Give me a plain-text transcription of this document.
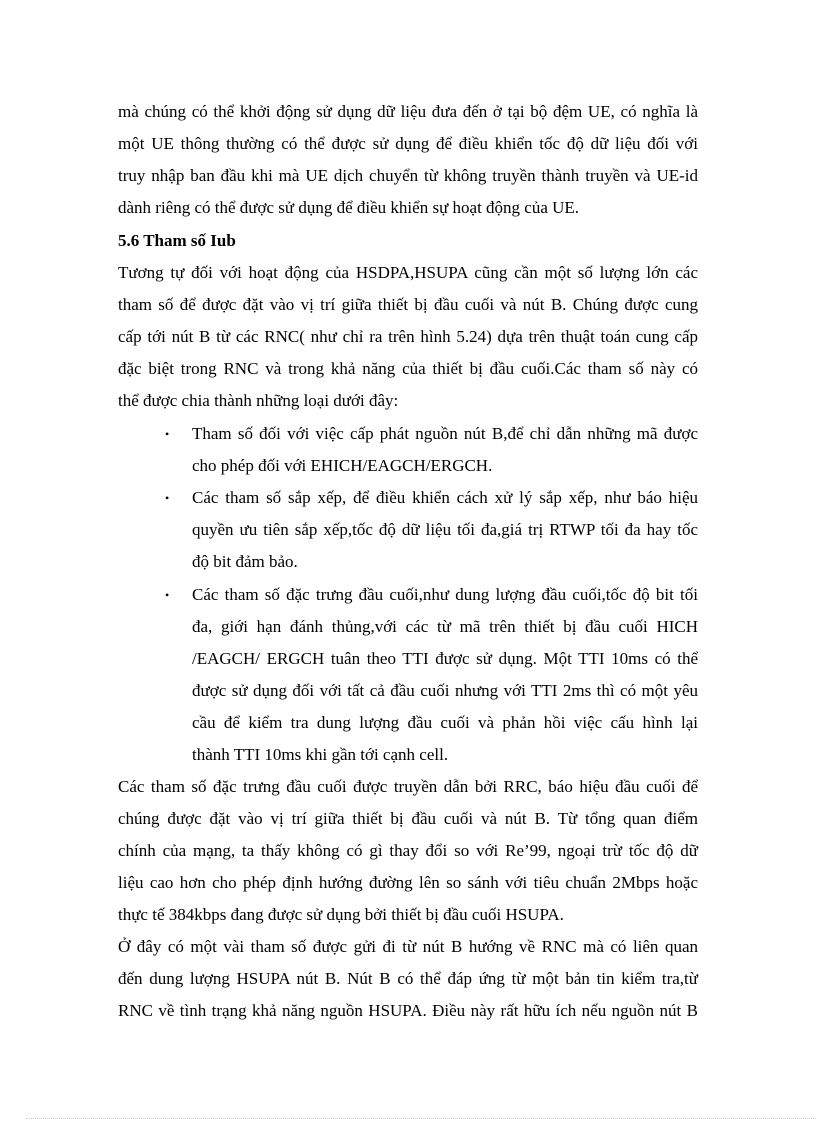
mà chúng có thể khởi động sử dụng dữ liệu đưa đến ở tại bộ đệm UE, có nghĩa là
một UE thông thường có thể được sử dụng để điều khiển tốc độ dữ liệu đối với
truy nhập ban đầu khi mà UE dịch chuyển từ không truyền thành truyền và UE-id
dành riêng có thể được sử dụng để điều khiển sự hoạt động của UE.
5.6 Tham số Iub
Tương tự đối với hoạt động của HSDPA,HSUPA cũng cần một số lượng lớn các
tham số để được đặt vào vị trí giữa thiết bị đầu cuối và nút B. Chúng được cung
cấp tới nút B từ các RNC( như chỉ ra trên hình 5.24) dựa trên thuật toán cung cấp
đặc biệt trong RNC và trong khả năng của thiết bị đầu cuối.Các tham số này có
thể được chia thành những loại dưới đây:
• Tham số đối với việc cấp phát nguồn nút B,để chỉ dẫn những mã được
cho phép đối với EHICH/EAGCH/ERGCH.
• Các tham số sắp xếp, để điều khiển cách xử lý sắp xếp, như báo hiệu
quyền ưu tiên sắp xếp,tốc độ dữ liệu tối đa,giá trị RTWP tối đa hay tốc
độ bit đảm bảo.
• Các tham số đặc trưng đầu cuối,như dung lượng đầu cuối,tốc độ bit tối
đa, giới hạn đánh thủng,với các từ mã trên thiết bị đầu cuối HICH
/EAGCH/ ERGCH tuân theo TTI được sử dụng. Một TTI 10ms có thể
được sử dụng đối với tất cả đầu cuối nhưng với TTI 2ms thì có một yêu
cầu để kiểm tra dung lượng đầu cuối và phản hồi việc cấu hình lại
thành TTI 10ms khi gần tới cạnh cell.
Các tham số đặc trưng đầu cuối được truyền dẫn bởi RRC, báo hiệu đầu cuối để
chúng được đặt vào vị trí giữa thiết bị đầu cuối và nút B. Từ tổng quan điểm
chính của mạng, ta thấy không có gì thay đổi so với Re’99, ngoại trừ tốc độ dữ
liệu cao hơn cho phép định hướng đường lên so sánh với tiêu chuẩn 2Mbps hoặc
thực tế 384kbps đang được sử dụng bởi thiết bị đầu cuối HSUPA.
Ở đây có một vài tham số được gửi đi từ nút B hướng về RNC mà có liên quan
đến dung lượng HSUPA nút B. Nút B có thể đáp ứng từ một bản tin kiểm tra,từ
RNC về tình trạng khả năng nguồn HSUPA. Điều này rất hữu ích nếu nguồn nút B
